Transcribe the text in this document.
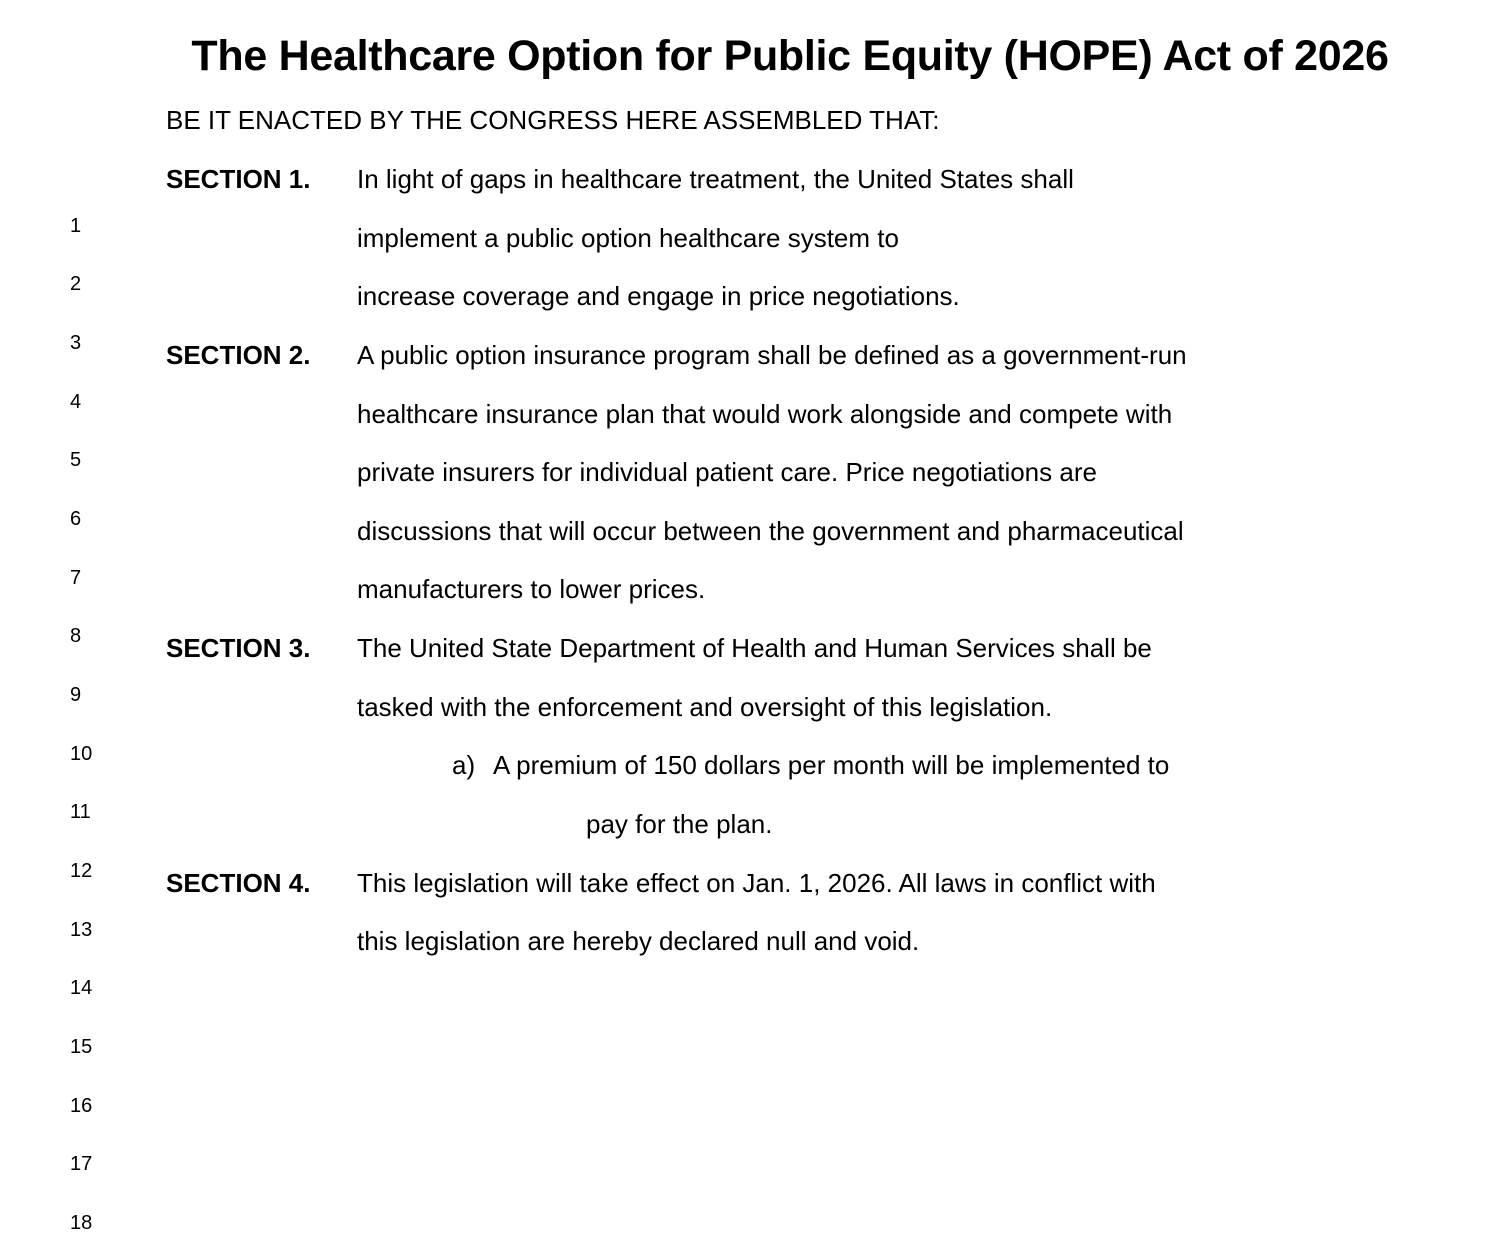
The Healthcare Option for Public Equity (HOPE) Act of 2026
BE IT ENACTED BY THE CONGRESS HERE ASSEMBLED THAT:
1
2
3
4
5
6
7
8
9
10
11
12
13
14
15
16
17
18
SECTION 1. In light of gaps in healthcare treatment, the United States shall
implement a public option healthcare system to
increase coverage and engage in price negotiations.
SECTION 2. A public option insurance program shall be defined as a government-run
healthcare insurance plan that would work alongside and compete with
private insurers for individual patient care. Price negotiations are
discussions that will occur between the government and pharmaceutical
manufacturers to lower prices.
SECTION 3. The United State Department of Health and Human Services shall be
tasked with the enforcement and oversight of this legislation.
a) A premium of 150 dollars per month will be implemented to
pay for the plan.
SECTION 4. This legislation will take effect on Jan. 1, 2026. All laws in conflict with
this legislation are hereby declared null and void.
